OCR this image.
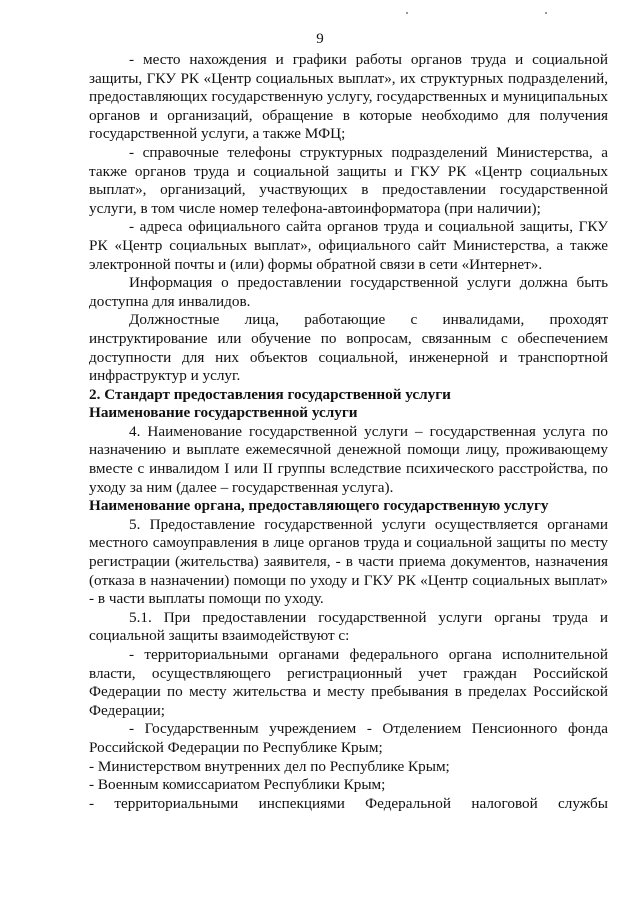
9

- место нахождения и графики работы органов труда и социальной защиты, ГКУ РК «Центр социальных выплат», их структурных подразделений, предоставляющих государственную услугу, государственных и муниципальных органов и организаций, обращение в которые необходимо для получения государственной услуги, а также МФЦ;

- справочные телефоны структурных подразделений Министерства, а также органов труда и социальной защиты и ГКУ РК «Центр социальных выплат», организаций, участвующих в предоставлении государственной услуги, в том числе номер телефона-автоинформатора (при наличии);

- адреса официального сайта органов труда и социальной защиты, ГКУ РК «Центр социальных выплат», официального сайт Министерства, а также электронной почты и (или) формы обратной связи в сети «Интернет».

Информация о предоставлении государственной услуги должна быть доступна для инвалидов.

Должностные лица, работающие с инвалидами, проходят инструктирование или обучение по вопросам, связанным с обеспечением доступности для них объектов социальной, инженерной и транспортной инфраструктур и услуг.

2. Стандарт предоставления государственной услуги

Наименование государственной услуги

4. Наименование государственной услуги – государственная услуга по назначению и выплате ежемесячной денежной помощи лицу, проживающему вместе с инвалидом I или II группы вследствие психического расстройства, по уходу за ним (далее – государственная услуга).

Наименование органа, предоставляющего государственную услугу

5. Предоставление государственной услуги осуществляется органами местного самоуправления в лице органов труда и социальной защиты по месту регистрации (жительства) заявителя, - в части приема документов, назначения (отказа в назначении) помощи по уходу и ГКУ РК «Центр социальных выплат» - в части выплаты помощи по уходу.

5.1. При предоставлении государственной услуги органы труда и социальной защиты взаимодействуют с:

- территориальными органами федерального органа исполнительной власти, осуществляющего регистрационный учет граждан Российской Федерации по месту жительства и месту пребывания в пределах Российской Федерации;

- Государственным учреждением - Отделением Пенсионного фонда Российской Федерации по Республике Крым;

- Министерством внутренних дел по Республике Крым;

- Военным комиссариатом Республики Крым;

- территориальными инспекциями Федеральной налоговой службы
